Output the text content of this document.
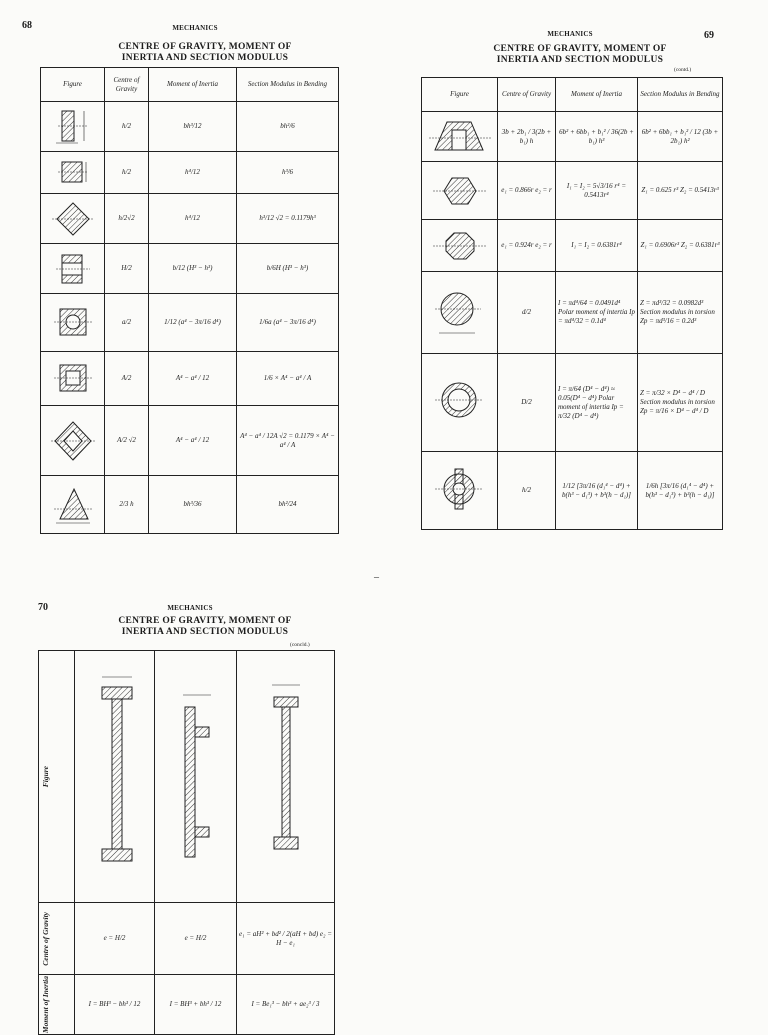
68	MECHANICS
CENTRE OF GRAVITY, MOMENT OF
INERTIA AND SECTION MODULUS
Figure	Centre of Gravity	Moment of Inertia	Section Modulus in Bending

	h/2	bh³/12	bh²/6

	h/2	h⁴/12	h³/6

	h/2√2	h⁴/12	h³/12 √2 = 0.1179h³

	H/2	b/12 (H³ − h³)	b/6H (H³ − h³)

	a/2	1/12 (a⁴ − 3π/16 d⁴)	1/6a (a⁴ − 3π/16 d⁴)

	A/2	A⁴ − a⁴ / 12	1/6 × A⁴ − a⁴ / A

	A/2 √2	A⁴ − a⁴ / 12	A⁴ − a⁴ / 12A √2 = 0.1179 × A⁴ − a⁴ / A

	2/3 h	bh³/36	bh²/24
69
MECHANICS
CENTRE OF GRAVITY, MOMENT OF
INERTIA AND SECTION MODULUS
(contd.)
Figure	Centre of Gravity	Moment of Inertia	Section Modulus in Bending

	3b + 2b₁ / 3(2b + b₁) h	6b² + 6bb₁ + b₁² / 36(2b + b₁) h³	6b² + 6bb₁ + b₁² / 12 (3b + 2b₁) h²

	e₁ = 0.866r e₂ = r	I₁ = I₂ = 5√3/16 r⁴ = 0.5413r⁴	Z₁ = 0.625 r³ Z₂ = 0.5413r³

	e₁ = 0.924r e₂ = r	I₁ = I₂ = 0.6381r⁴	Z₁ = 0.6906r³ Z₂ = 0.6381r³

	d/2	I = πd⁴/64 = 0.0491d⁴ Polar moment of intertia Ip = πd⁴/32 = 0.1d⁴	Z = πd³/32 = 0.0982d³ Section modulus in torsion Zp = πd³/16 = 0.2d³

	D/2	I = π/64 (D⁴ − d⁴) ≈ 0.05(D⁴ − d⁴) Polar moment of intertia Ip = π/32 (D⁴ − d⁴)	Z = π/32 × D⁴ − d⁴ / D Section modulus in torsion Zp = π/16 × D⁴ − d⁴ / D

	h/2	1/12 [3π/16 (d₁⁴ − d⁴) + b(h³ − d₁³) + b³(h − d₁)]	1/6h [3π/16 (d₁⁴ − d⁴) + b(h³ − d₁³) + b³(h − d₁)]
–
70	MECHANICS
CENTRE OF GRAVITY, MOMENT OF
INERTIA AND SECTION MODULUS
(concld.)
Figure

Centre of Gravity	e = H/2	e = H/2	e₁ = aH² + bd² / 2(aH + bd) e₂ = H − e₁

Moment of Inertia	I = BH³ − bh³ / 12	I = BH³ + bh³ / 12	I = Be₁³ − bh³ + ae₂³ / 3
